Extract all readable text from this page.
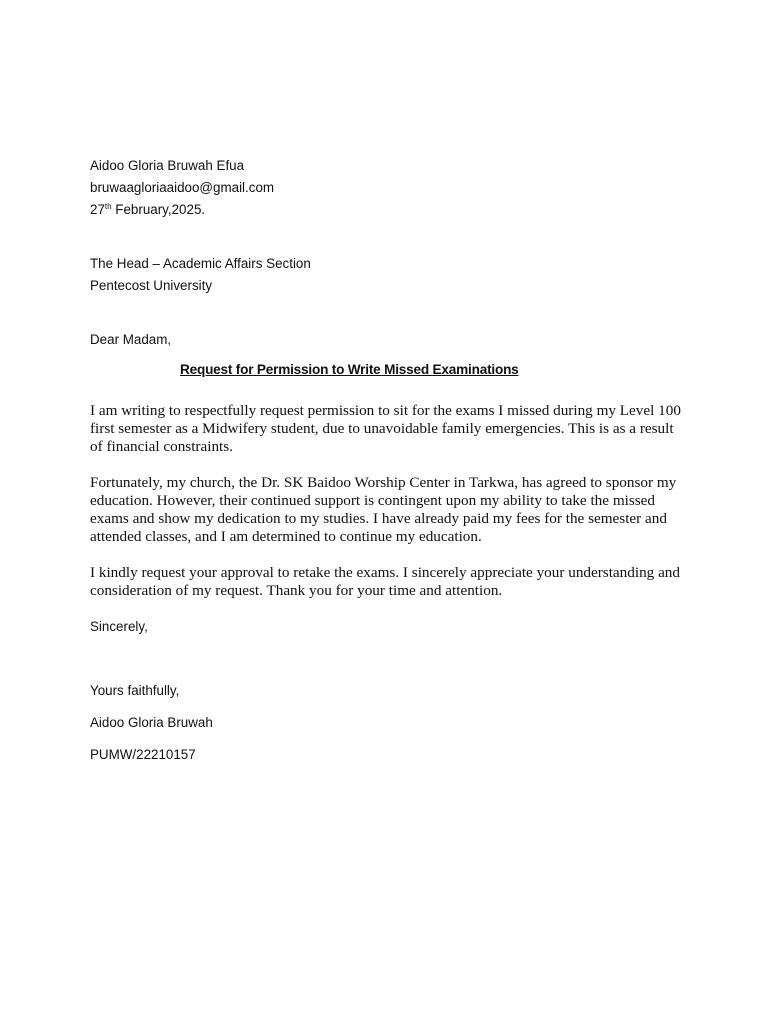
Aidoo Gloria Bruwah Efua
bruwaagloriaaidoo@gmail.com
27th February,2025.
The Head – Academic Affairs Section
Pentecost University
Dear Madam,
Request for Permission to Write Missed Examinations
I am writing to respectfully request permission to sit for the exams I missed during my Level 100 first semester as a Midwifery student, due to unavoidable family emergencies. This is as a result of financial constraints.
Fortunately, my church, the Dr. SK Baidoo Worship Center in Tarkwa, has agreed to sponsor my education. However, their continued support is contingent upon my ability to take the missed exams and show my dedication to my studies. I have already paid my fees for the semester and attended classes, and I am determined to continue my education.
I kindly request your approval to retake the exams. I sincerely appreciate your understanding and consideration of my request. Thank you for your time and attention.
Sincerely,
Yours faithfully,
Aidoo Gloria Bruwah
PUMW/22210157
